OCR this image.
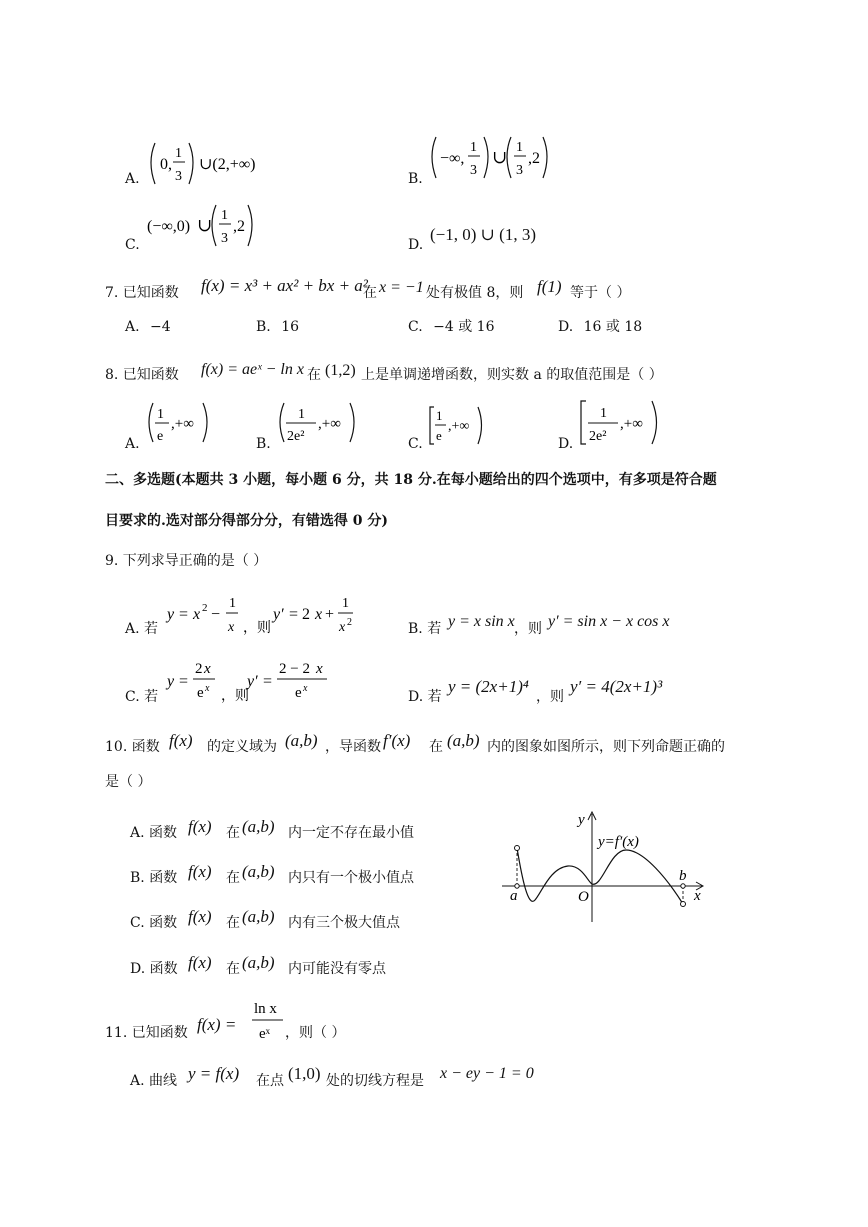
A.
0,
1
3
∪(2,+∞)
B.
−∞,
1
3
∪ 1
3
,2
C.
(−∞,0) ∪ 1
3
,2
D.
(−1, 0) ∪ (1, 3)
7. 已知函数 f(x) = x³ + ax² + bx + a²
在 x = −1 处有极值 8，则 f(1) 等于（ ）
A. −4	B. 16	C. −4 或 16	D. 16 或 18
8. 已知函数 f(x) = aeˣ − ln x 在 (1,2) 上是单调递增函数，则实数 a 的取值范围是（ ）
A.
1
e
,+∞
B.
1
2e²
,+∞
C.
1
e
,+∞
D.
1
2e²
,+∞
二、多选题(本题共 3 小题，每小题 6 分，共 18 分.在每小题给出的四个选项中，有多项是符合题
目要求的.选对部分得部分分，有错选得 0 分)
9. 下列求导正确的是（ ）
A. 若
y = x 2 −
1
x ，则
y′ = 2 x +
1
x 2	B. 若 y = x sin x ，则 y′ = sin x − x cos x
C. 若
y =
2 x
e x
，则
y′ =
2 − 2 x
e x
D. 若
y = (2x+1)⁴
，则
y′ = 4(2x+1)³
10. 函数 f(x) 的定义域为 (a,b) ，导函数 f′(x) 在 (a,b) 内的图象如图所示，则下列命题正确的
是（ ）
A. 函数 f(x) 在 (a,b) 内一定不存在最小值
B. 函数 f(x) 在 (a,b) 内只有一个极小值点
C. 函数 f(x) 在 (a,b) 内有三个极大值点
D. 函数 f(x) 在 (a,b) 内可能没有零点
y
y=f′(x)
a	O
b
x
11. 已知函数 f(x) =
ln x
eˣ ，则（ ）
A. 曲线 y = f(x) 在点 (1,0) 处的切线方程是 x − ey − 1 = 0
